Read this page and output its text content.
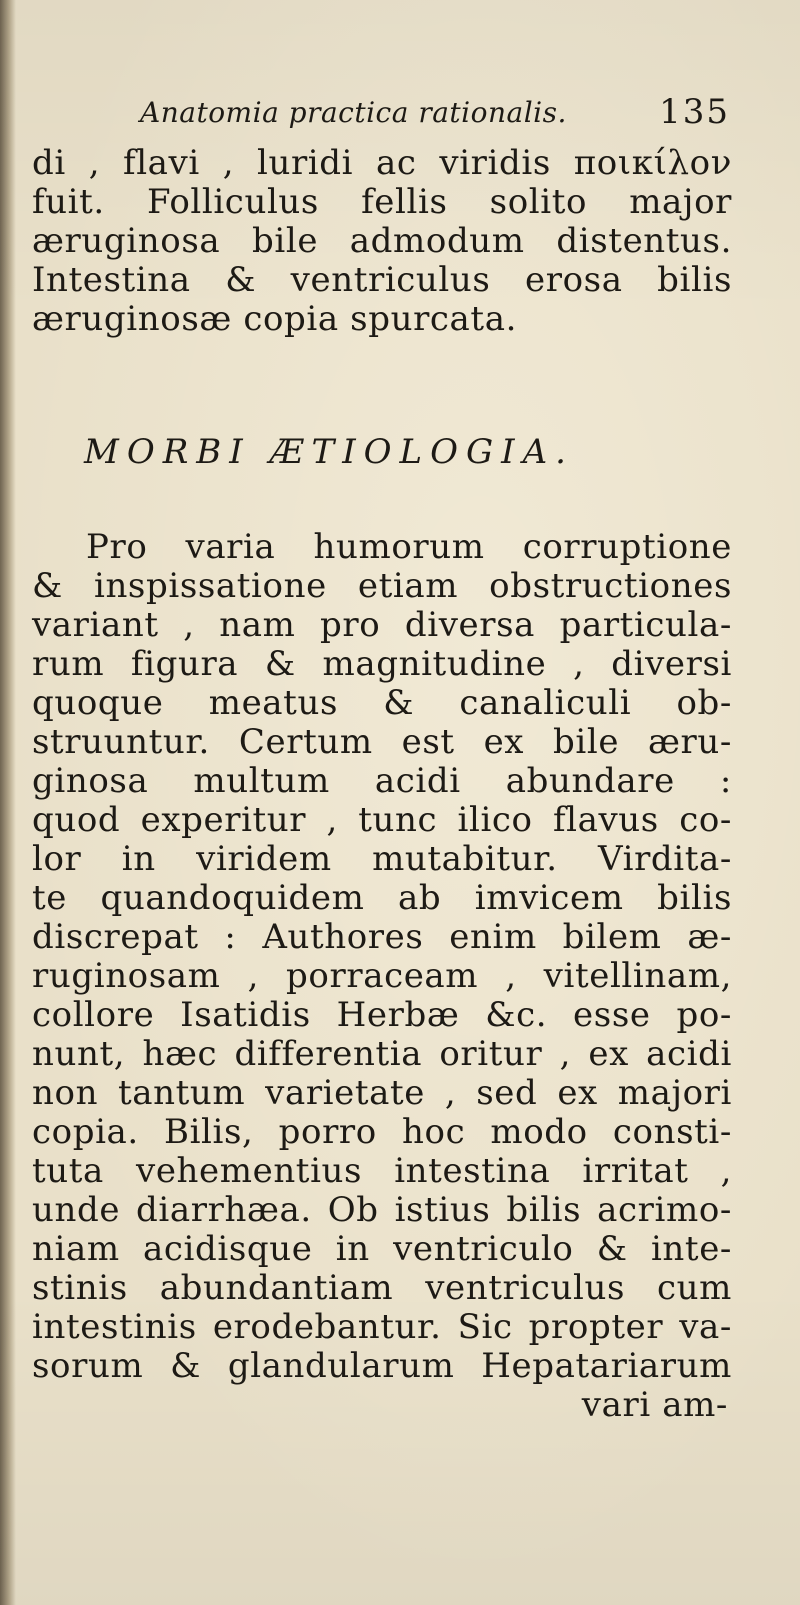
Anatomia practica rationalis.	135
di , flavi , luridi ac viridis ποικίλον
fuit. Folliculus fellis solito major
æruginosa bile admodum distentus.
Intestina & ventriculus erosa bilis
æruginosæ copia spurcata.
MORBI ÆTIOLOGIA.
Pro varia humorum corruptione
& inspissatione etiam obstructiones
variant , nam pro diversa particula-
rum figura & magnitudine , diversi
quoque meatus & canaliculi ob-
struuntur. Certum est ex bile æru-
ginosa multum acidi abundare :
quod experitur , tunc ilico flavus co-
lor in viridem mutabitur. Virdita-
te quandoquidem ab imvicem bilis
discrepat : Authores enim bilem æ-
ruginosam , porraceam , vitellinam,
collore Isatidis Herbæ &c. esse po-
nunt, hæc differentia oritur , ex acidi
non tantum varietate , sed ex majori
copia. Bilis, porro hoc modo consti-
tuta vehementius intestina irritat ,
unde diarrhæa. Ob istius bilis acrimo-
niam acidisque in ventriculo & inte-
stinis abundantiam ventriculus cum
intestinis erodebantur. Sic propter va-
sorum & glandularum Hepatariarum
vari am-
